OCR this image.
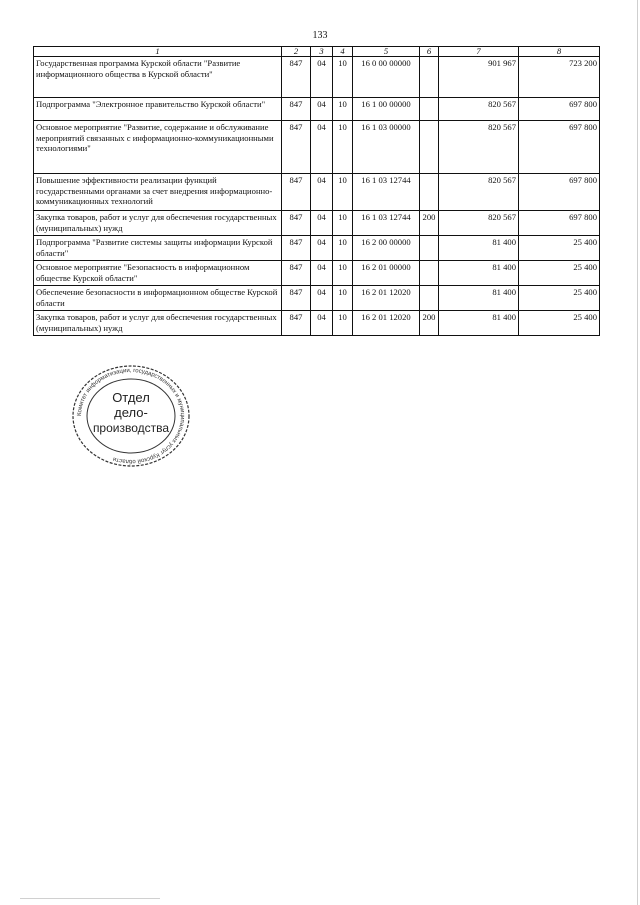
133
1	2	3	4	5	6	7	8
Государственная программа Курской области "Развитие информационного общества в Курской области"	847	04	10	16 0 00 00000		901 967	723 200
Подпрограмма "Электронное правительство Курской области"	847	04	10	16 1 00 00000		820 567	697 800
Основное мероприятие "Развитие, содержание и обслуживание мероприятий связанных с информационно-коммуникационными технологиями"	847	04	10	16 1 03 00000		820 567	697 800
Повышение эффективности реализации функций государственными органами за счет внедрения информационно-коммуникационных технологий	847	04	10	16 1 03 12744		820 567	697 800
Закупка товаров, работ и услуг для обеспечения государственных (муниципальных) нужд	847	04	10	16 1 03 12744	200	820 567	697 800
Подпрограмма "Развитие системы защиты информации Курской области"	847	04	10	16 2 00 00000		81 400	25 400
Основное мероприятие "Безопасность в информационном обществе Курской области"	847	04	10	16 2 01 00000		81 400	25 400
Обеспечение безопасности в информационном обществе Курской области	847	04	10	16 2 01 12020		81 400	25 400
Закупка товаров, работ и услуг для обеспечения государственных (муниципальных) нужд	847	04	10	16 2 01 12020	200	81 400	25 400
Комитет информатизации, государственных и муниципальных услуг Курской области
Отдел
дело-
производства
